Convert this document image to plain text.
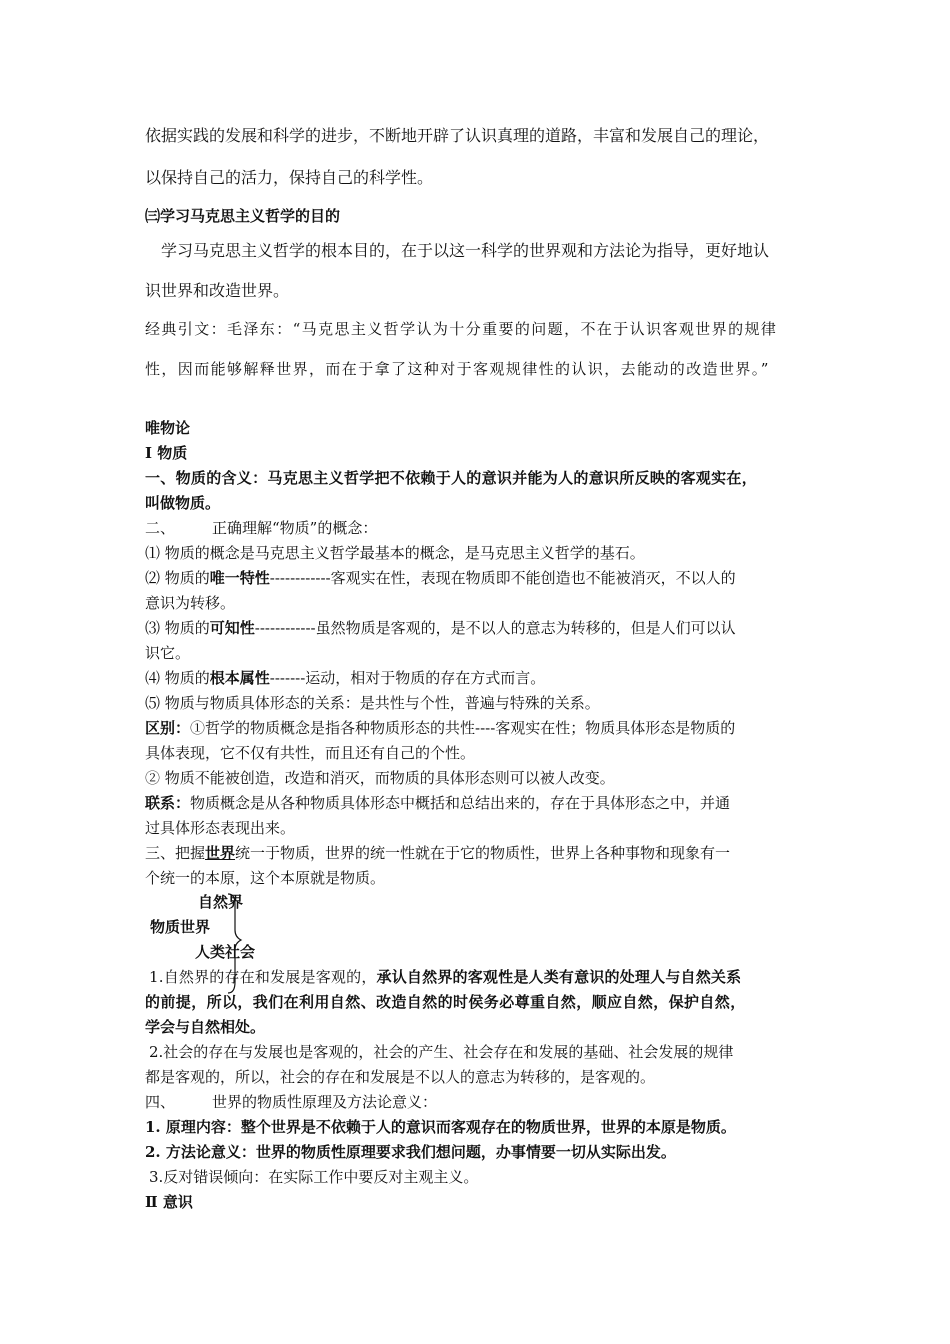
依据实践的发展和科学的进步，不断地开辟了认识真理的道路，丰富和发展自己的理论，
以保持自己的活力，保持自己的科学性。
㈢学习马克思主义哲学的目的
学习马克思主义哲学的根本目的，在于以这一科学的世界观和方法论为指导，更好地认
识世界和改造世界。
经典引文：毛泽东：“马克思主义哲学认为十分重要的问题，不在于认识客观世界的规律
性，因而能够解释世界，而在于拿了这种对于客观规律性的认识，去能动的改造世界。”
唯物论
Ⅰ 物质
一、物质的含义：马克思主义哲学把不依赖于人的意识并能为人的意识所反映的客观实在，
叫做物质。
二、 正确理解“物质”的概念：
⑴ 物质的概念是马克思主义哲学最基本的概念，是马克思主义哲学的基石。
⑵ 物质的唯一特性------------客观实在性，表现在物质即不能创造也不能被消灭，不以人的
意识为转移。
⑶ 物质的可知性------------虽然物质是客观的，是不以人的意志为转移的，但是人们可以认
识它。
⑷ 物质的根本属性-------运动，相对于物质的存在方式而言。
⑸ 物质与物质具体形态的关系：是共性与个性，普遍与特殊的关系。
区别：①哲学的物质概念是指各种物质形态的共性----客观实在性；物质具体形态是物质的
具体表现，它不仅有共性，而且还有自己的个性。
② 物质不能被创造，改造和消灭，而物质的具体形态则可以被人改变。
联系：物质概念是从各种物质具体形态中概括和总结出来的，存在于具体形态之中，并通
过具体形态表现出来。
三、把握世界统一于物质，世界的统一性就在于它的物质性，世界上各种事物和现象有一
个统一的本原，这个本原就是物质。
自然界
物质世界
人类社会
1.自然界的存在和发展是客观的，承认自然界的客观性是人类有意识的处理人与自然关系
的前提，所以，我们在利用自然、改造自然的时侯务必尊重自然，顺应自然，保护自然，
学会与自然相处。
2.社会的存在与发展也是客观的，社会的产生、社会存在和发展的基础、社会发展的规律
都是客观的，所以，社会的存在和发展是不以人的意志为转移的，是客观的。
四、 世界的物质性原理及方法论意义：
1. 原理内容：整个世界是不依赖于人的意识而客观存在的物质世界，世界的本原是物质。
2. 方法论意义：世界的物质性原理要求我们想问题，办事情要一切从实际出发。
3.反对错误倾向：在实际工作中要反对主观主义。
Ⅱ 意识
